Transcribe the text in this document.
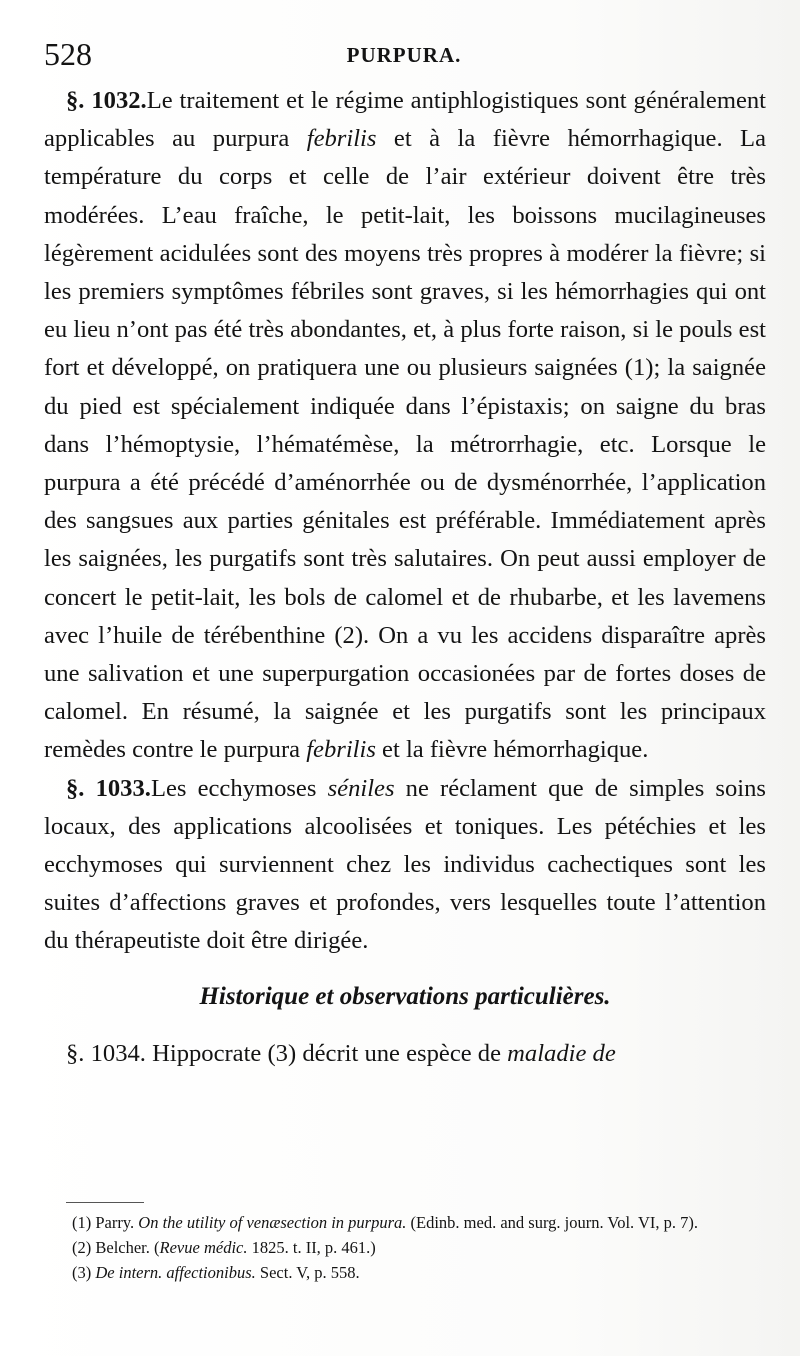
528	PURPURA.

§. 1032.Le traitement et le régime antiphlogistiques sont généralement applicables au purpura febrilis et à la fièvre hémorrhagique. La température du corps et celle de l’air extérieur doivent être très modérées. L’eau fraîche, le petit-lait, les boissons mucilagineuses légèrement acidulées sont des moyens très propres à modérer la fièvre; si les premiers symptômes fébriles sont graves, si les hémorrhagies qui ont eu lieu n’ont pas été très abondantes, et, à plus forte raison, si le pouls est fort et développé, on pratiquera une ou plusieurs saignées (1); la saignée du pied est spécialement indiquée dans l’épistaxis; on saigne du bras dans l’hémoptysie, l’hématémèse, la métrorrhagie, etc. Lorsque le purpura a été précédé d’aménorrhée ou de dysménorrhée, l’application des sangsues aux parties génitales est préférable. Immédiatement après les saignées, les purgatifs sont très salutaires. On peut aussi employer de concert le petit-lait, les bols de calomel et de rhubarbe, et les lavemens avec l’huile de térébenthine (2). On a vu les accidens disparaître après une salivation et une superpurgation occasionées par de fortes doses de calomel. En résumé, la saignée et les purgatifs sont les principaux remèdes contre le purpura febrilis et la fièvre hémorrhagique.

§. 1033.Les ecchymoses séniles ne réclament que de simples soins locaux, des applications alcoolisées et toniques. Les pétéchies et les ecchymoses qui surviennent chez les individus cachectiques sont les suites d’affections graves et profondes, vers lesquelles toute l’attention du thérapeutiste doit être dirigée.

Historique et observations particulières.

§. 1034. Hippocrate (3) décrit une espèce de maladie de

(1) Parry. On the utility of venæsection in purpura. (Edinb. med. and surg. journ. Vol. VI, p. 7).

(2) Belcher. (Revue médic. 1825. t. II, p. 461.)

(3) De intern. affectionibus. Sect. V, p. 558.
